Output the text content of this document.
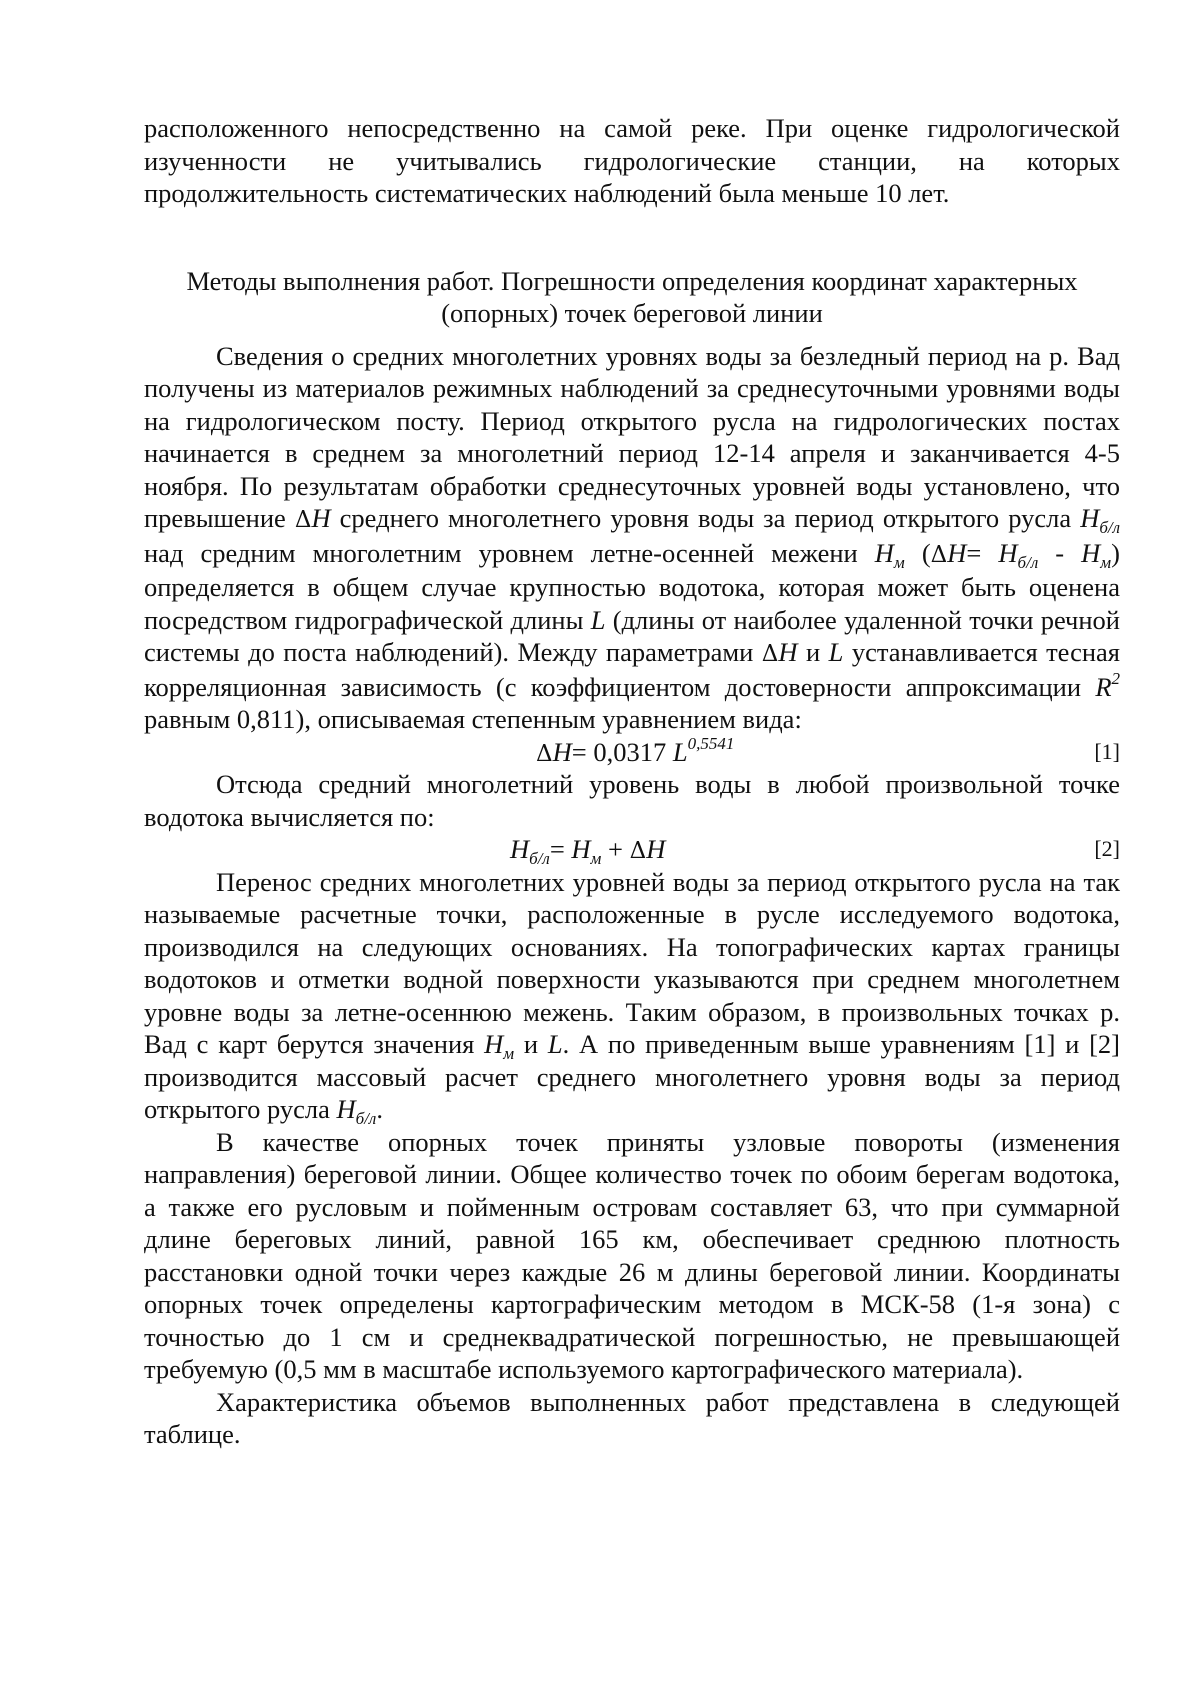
расположенного непосредственно на самой реке. При оценке гидрологической
изученности не учитывались гидрологические станции, на которых
продолжительность систематических наблюдений была меньше 10 лет.

Методы выполнения работ. Погрешности определения координат характерных
(опорных) точек береговой линии

Сведения о средних многолетних уровнях воды за безледный период на р. Вад получены из материалов режимных наблюдений за среднесуточными уровнями воды на гидрологическом посту. Период открытого русла на гидрологических постах начинается в среднем за многолетний период 12-14 апреля и заканчивается 4-5 ноября. По результатам обработки среднесуточных уровней воды установлено, что превышение ΔH среднего многолетнего уровня воды за период открытого русла $H_{б/л}$ над средним многолетним уровнем летне-осенней межени $H_м$ $(\Delta H= H_{б/л} - H_м)$ определяется в общем случае крупностью водотока, которая может быть оценена посредством гидрографической длины L (длины от наиболее удаленной точки речной системы до поста наблюдений). Между параметрами ΔH и L устанавливается тесная корреляционная зависимость (с коэффициентом достоверности аппроксимации $R^2$ равным 0,811), описываемая степенным уравнением вида:

ΔH= 0,0317 $L^{0,5541}$	[1]

Отсюда средний многолетний уровень воды в любой произвольной точке водотока вычисляется по:

$H_{б/л}= H_м + \Delta H$	[2]

Перенос средних многолетних уровней воды за период открытого русла на так называемые расчетные точки, расположенные в русле исследуемого водотока, производился на следующих основаниях. На топографических картах границы водотоков и отметки водной поверхности указываются при среднем многолетнем уровне воды за летне-осеннюю межень. Таким образом, в произвольных точках р. Вад с карт берутся значения $H_м$ и L. А по приведенным выше уравнениям [1] и [2] производится массовый расчет среднего многолетнего уровня воды за период открытого русла $H_{б/л}$.

В качестве опорных точек приняты узловые повороты (изменения направления) береговой линии. Общее количество точек по обоим берегам водотока, а также его русловым и пойменным островам составляет 63, что при суммарной длине береговых линий, равной 165 км, обеспечивает среднюю плотность расстановки одной точки через каждые 26 м длины береговой линии. Координаты опорных точек определены картографическим методом в МСК-58 (1-я зона) с точностью до 1 см и среднеквадратической погрешностью, не превышающей требуемую (0,5 мм в масштабе используемого картографического материала).

Характеристика объемов выполненных работ представлена в следующей таблице.
